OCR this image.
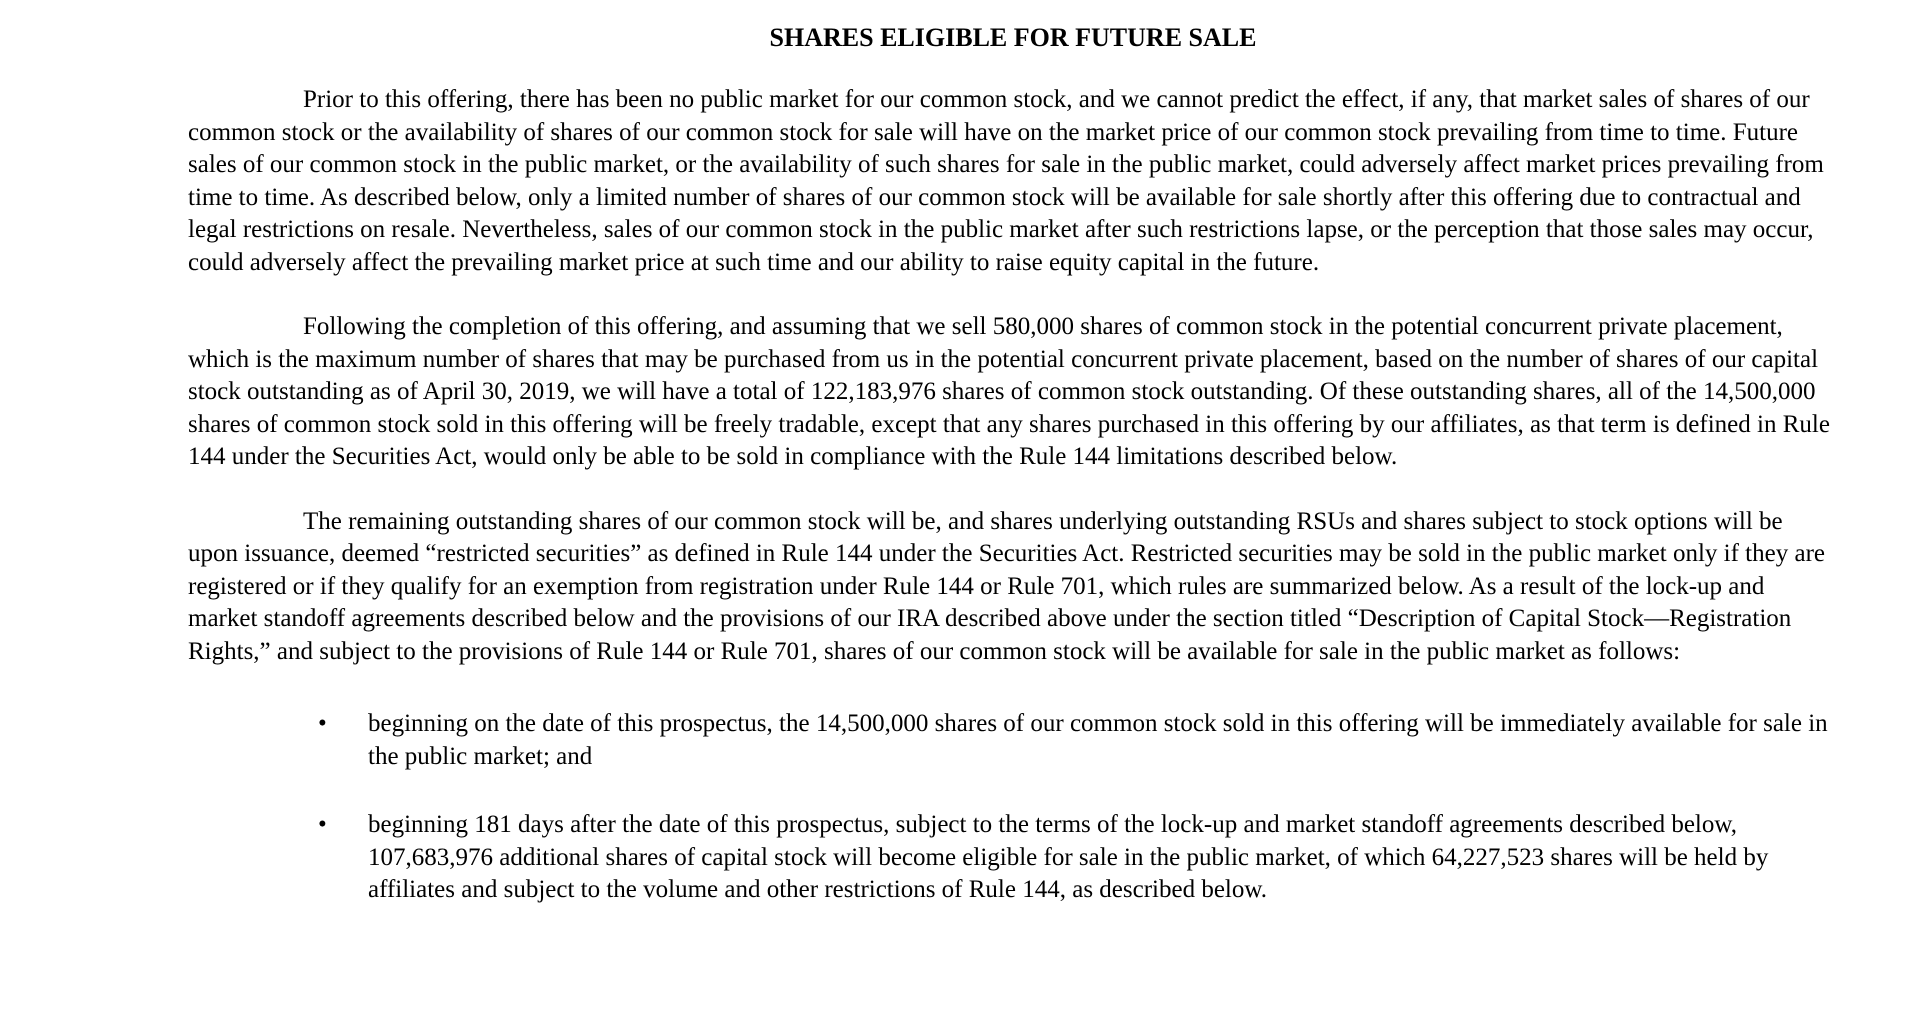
SHARES ELIGIBLE FOR FUTURE SALE

Prior to this offering, there has been no public market for our common stock, and we cannot predict the effect, if any, that market sales of shares of our common stock or the availability of shares of our common stock for sale will have on the market price of our common stock prevailing from time to time. Future sales of our common stock in the public market, or the availability of such shares for sale in the public market, could adversely affect market prices prevailing from time to time. As described below, only a limited number of shares of our common stock will be available for sale shortly after this offering due to contractual and legal restrictions on resale. Nevertheless, sales of our common stock in the public market after such restrictions lapse, or the perception that those sales may occur, could adversely affect the prevailing market price at such time and our ability to raise equity capital in the future.

Following the completion of this offering, and assuming that we sell 580,000 shares of common stock in the potential concurrent private placement, which is the maximum number of shares that may be purchased from us in the potential concurrent private placement, based on the number of shares of our capital stock outstanding as of April 30, 2019, we will have a total of 122,183,976 shares of common stock outstanding. Of these outstanding shares, all of the 14,500,000 shares of common stock sold in this offering will be freely tradable, except that any shares purchased in this offering by our affiliates, as that term is defined in Rule 144 under the Securities Act, would only be able to be sold in compliance with the Rule 144 limitations described below.

The remaining outstanding shares of our common stock will be, and shares underlying outstanding RSUs and shares subject to stock options will be upon issuance, deemed “restricted securities” as defined in Rule 144 under the Securities Act. Restricted securities may be sold in the public market only if they are registered or if they qualify for an exemption from registration under Rule 144 or Rule 701, which rules are summarized below. As a result of the lock-up and market standoff agreements described below and the provisions of our IRA described above under the section titled “Description of Capital Stock—Registration Rights,” and subject to the provisions of Rule 144 or Rule 701, shares of our common stock will be available for sale in the public market as follows:

• beginning on the date of this prospectus, the 14,500,000 shares of our common stock sold in this offering will be immediately available for sale in the public market; and
• beginning 181 days after the date of this prospectus, subject to the terms of the lock-up and market standoff agreements described below, 107,683,976 additional shares of capital stock will become eligible for sale in the public market, of which 64,227,523 shares will be held by affiliates and subject to the volume and other restrictions of Rule 144, as described below.
